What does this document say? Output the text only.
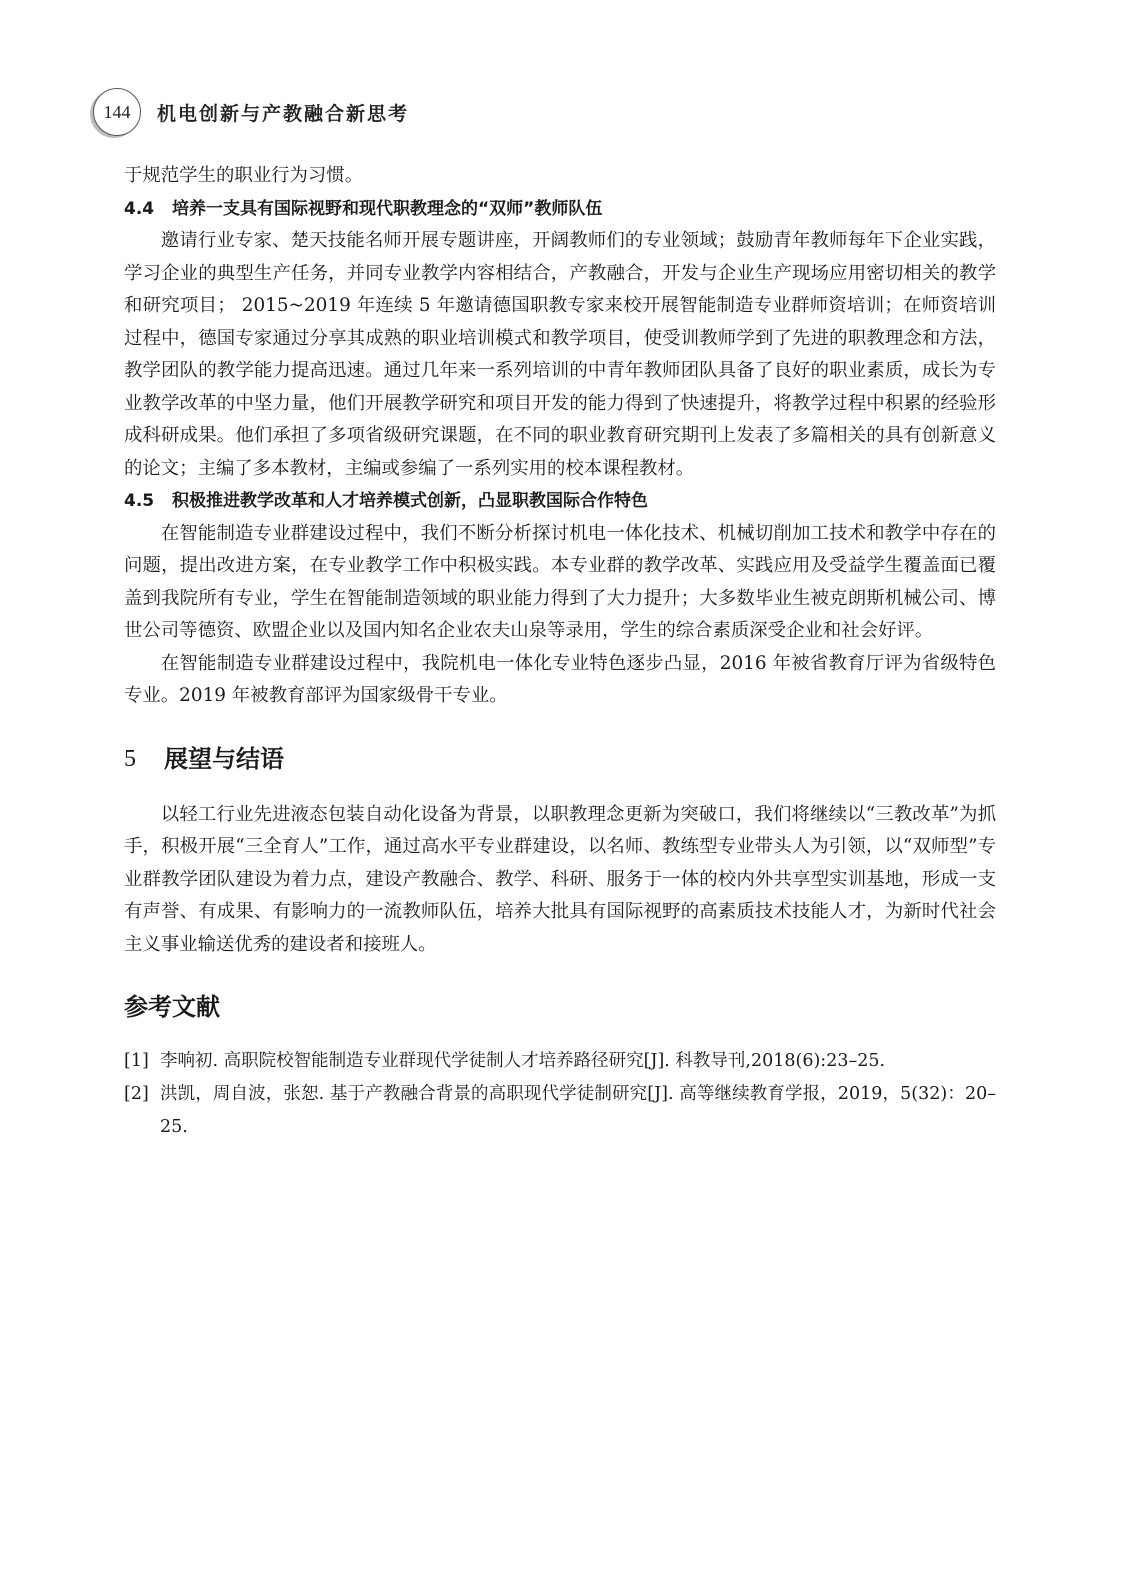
144 机电创新与产教融合新思考

于规范学生的职业行为习惯。

4.4 培养一支具有国际视野和现代职教理念的“双师”教师队伍

邀请行业专家、楚天技能名师开展专题讲座，开阔教师们的专业领域；鼓励青年教师每年下企业实践，学习企业的典型生产任务，并同专业教学内容相结合，产教融合，开发与企业生产现场应用密切相关的教学和研究项目； 2015~2019 年连续 5 年邀请德国职教专家来校开展智能制造专业群师资培训；在师资培训过程中，德国专家通过分享其成熟的职业培训模式和教学项目，使受训教师学到了先进的职教理念和方法，教学团队的教学能力提高迅速。通过几年来一系列培训的中青年教师团队具备了良好的职业素质，成长为专业教学改革的中坚力量，他们开展教学研究和项目开发的能力得到了快速提升，将教学过程中积累的经验形成科研成果。他们承担了多项省级研究课题，在不同的职业教育研究期刊上发表了多篇相关的具有创新意义的论文；主编了多本教材，主编或参编了一系列实用的校本课程教材。

4.5 积极推进教学改革和人才培养模式创新，凸显职教国际合作特色

在智能制造专业群建设过程中，我们不断分析探讨机电一体化技术、机械切削加工技术和教学中存在的问题，提出改进方案，在专业教学工作中积极实践。本专业群的教学改革、实践应用及受益学生覆盖面已覆盖到我院所有专业，学生在智能制造领域的职业能力得到了大力提升；大多数毕业生被克朗斯机械公司、博世公司等德资、欧盟企业以及国内知名企业农夫山泉等录用，学生的综合素质深受企业和社会好评。

在智能制造专业群建设过程中，我院机电一体化专业特色逐步凸显，2016 年被省教育厅评为省级特色专业。2019 年被教育部评为国家级骨干专业。

5	展望与结语

以轻工行业先进液态包装自动化设备为背景，以职教理念更新为突破口，我们将继续以“三教改革”为抓手，积极开展“三全育人”工作，通过高水平专业群建设，以名师、教练型专业带头人为引领，以“双师型”专业群教学团队建设为着力点，建设产教融合、教学、科研、服务于一体的校内外共享型实训基地，形成一支有声誉、有成果、有影响力的一流教师队伍，培养大批具有国际视野的高素质技术技能人才，为新时代社会主义事业输送优秀的建设者和接班人。

参考文献

[1] 李响初. 高职院校智能制造专业群现代学徒制人才培养路径研究[J]. 科教导刊,2018(6):23–25.

[2] 洪凯，周自波，张恕. 基于产教融合背景的高职现代学徒制研究[J]. 高等继续教育学报，2019，5(32)：20–25.
